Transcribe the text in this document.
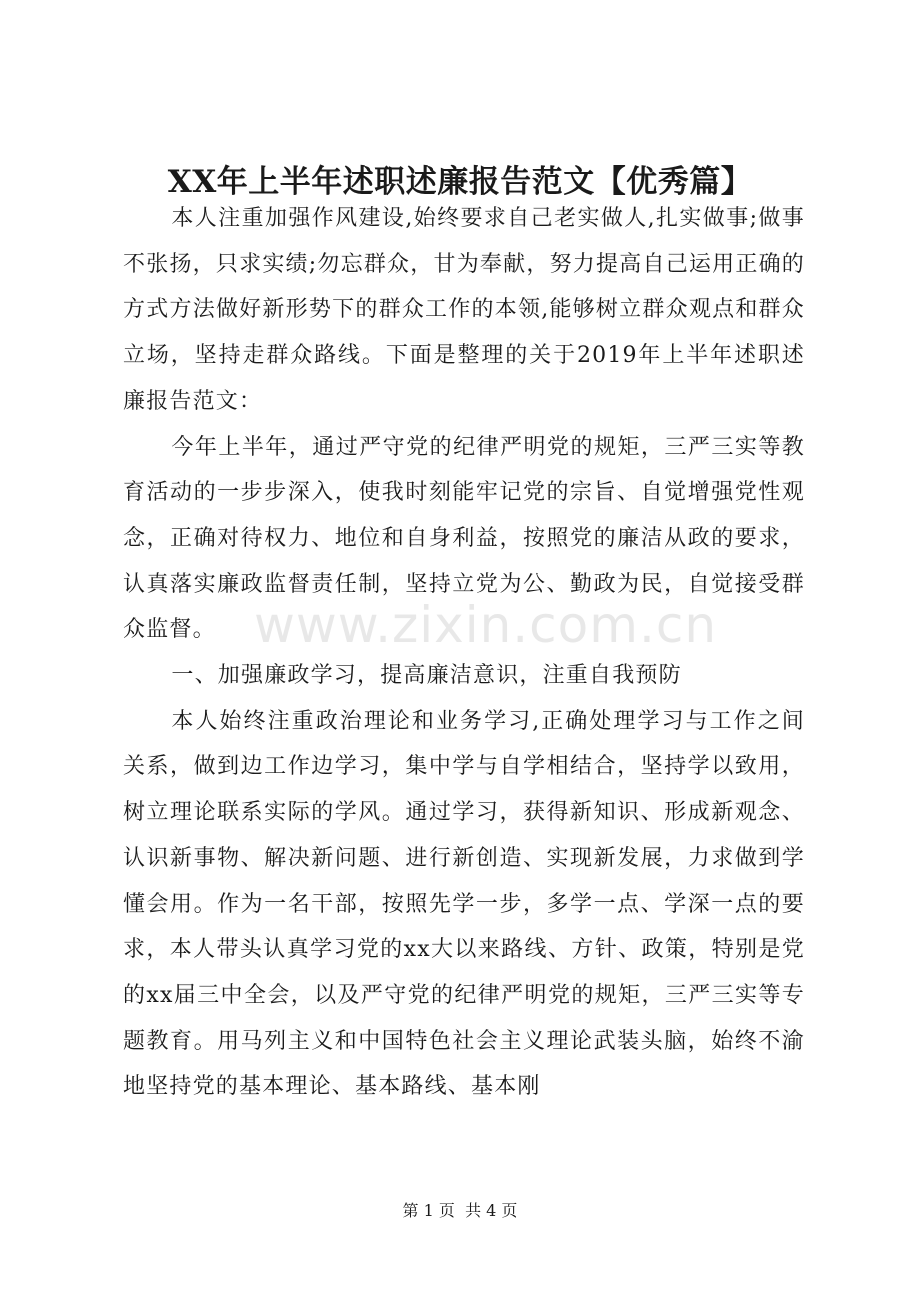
XX年上半年述职述廉报告范文【优秀篇】

本人注重加强作风建设,始终要求自己老实做人,扎实做事;做事不张扬，只求实绩;勿忘群众，甘为奉献，努力提高自己运用正确的方式方法做好新形势下的群众工作的本领,能够树立群众观点和群众立场，坚持走群众路线。下面是整理的关于2019年上半年述职述廉报告范文：

今年上半年，通过严守党的纪律严明党的规矩，三严三实等教育活动的一步步深入，使我时刻能牢记党的宗旨、自觉增强党性观念，正确对待权力、地位和自身利益，按照党的廉洁从政的要求，认真落实廉政监督责任制，坚持立党为公、勤政为民，自觉接受群众监督。

一、加强廉政学习，提高廉洁意识，注重自我预防

本人始终注重政治理论和业务学习,正确处理学习与工作之间关系，做到边工作边学习，集中学与自学相结合，坚持学以致用，树立理论联系实际的学风。通过学习，获得新知识、形成新观念、认识新事物、解决新问题、进行新创造、实现新发展，力求做到学懂会用。作为一名干部，按照先学一步，多学一点、学深一点的要求，本人带头认真学习党的xx大以来路线、方针、政策，特别是党的xx届三中全会，以及严守党的纪律严明党的规矩，三严三实等专题教育。用马列主义和中国特色社会主义理论武装头脑，始终不渝地坚持党的基本理论、基本路线、基本刚

www.zixin.com.cn
第 1 页 共 4 页
